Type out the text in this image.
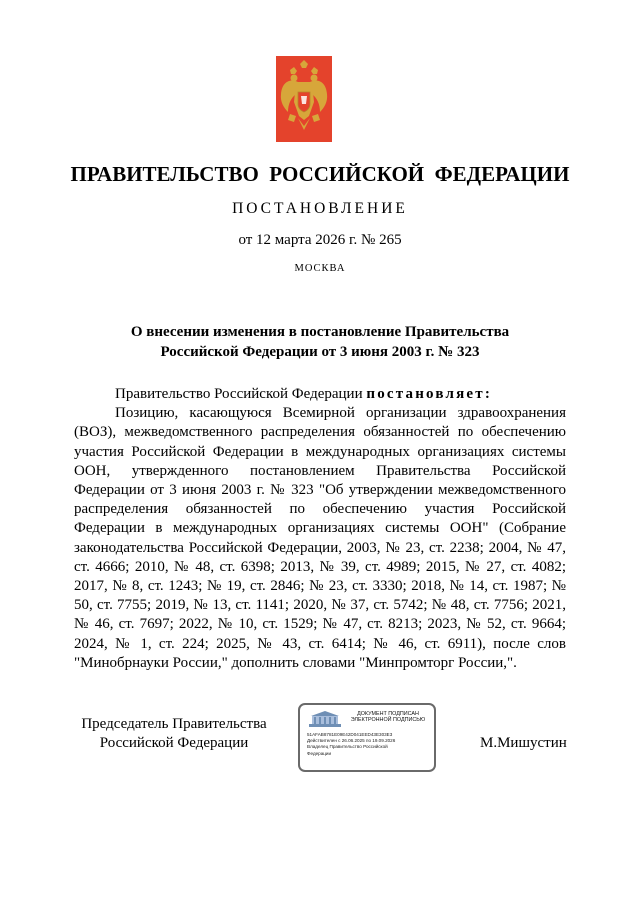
ПРАВИТЕЛЬСТВО  РОССИЙСКОЙ  ФЕДЕРАЦИИ
ПОСТАНОВЛЕНИЕ
от 12 марта 2026 г. № 265
МОСКВА
О внесении изменения в постановление Правительства
Российской Федерации от 3 июня 2003 г. № 323

Правительство Российской Федерации постановляет:

Позицию, касающуюся Всемирной организации здравоохранения (ВОЗ), межведомственного распределения обязанностей по обеспечению участия Российской Федерации в международных организациях системы ООН, утвержденного постановлением Правительства Российской Федерации от 3 июня 2003 г. № 323 "Об утверждении межведомственного распределения обязанностей по обеспечению участия Российской Федерации в международных организациях системы ООН" (Собрание законодательства Российской Федерации, 2003, № 23, ст. 2238; 2004, № 47, ст. 4666; 2010, № 48, ст. 6398; 2013, № 39, ст. 4989; 2015, № 27, ст. 4082; 2017, № 8, ст. 1243; № 19, ст. 2846; № 23, ст. 3330; 2018, № 14, ст. 1987; № 50, ст. 7755; 2019, № 13, ст. 1141; 2020, № 37, ст. 5742; № 48, ст. 7756; 2021, № 46, ст. 7697; 2022, № 10, ст. 1529; № 47, ст. 8213; 2023, № 52, ст. 9664; 2024, № 1, ст. 224; 2025, № 43, ст. 6414; № 46, ст. 6911), после слов "Минобрнауки России," дополнить словами "Минпромторг России,".

Председатель Правительства
Российской Федерации
ДОКУМЕНТ ПОДПИСАН
ЭЛЕКТРОННОЙ ПОДПИСЬЮ
51AFAB8781E09E42D041EED43E303E3
Действителен с 26.06.2025 по 19.09.2026
Владелец Правительство Российской
Федерации
М.Мишустин
